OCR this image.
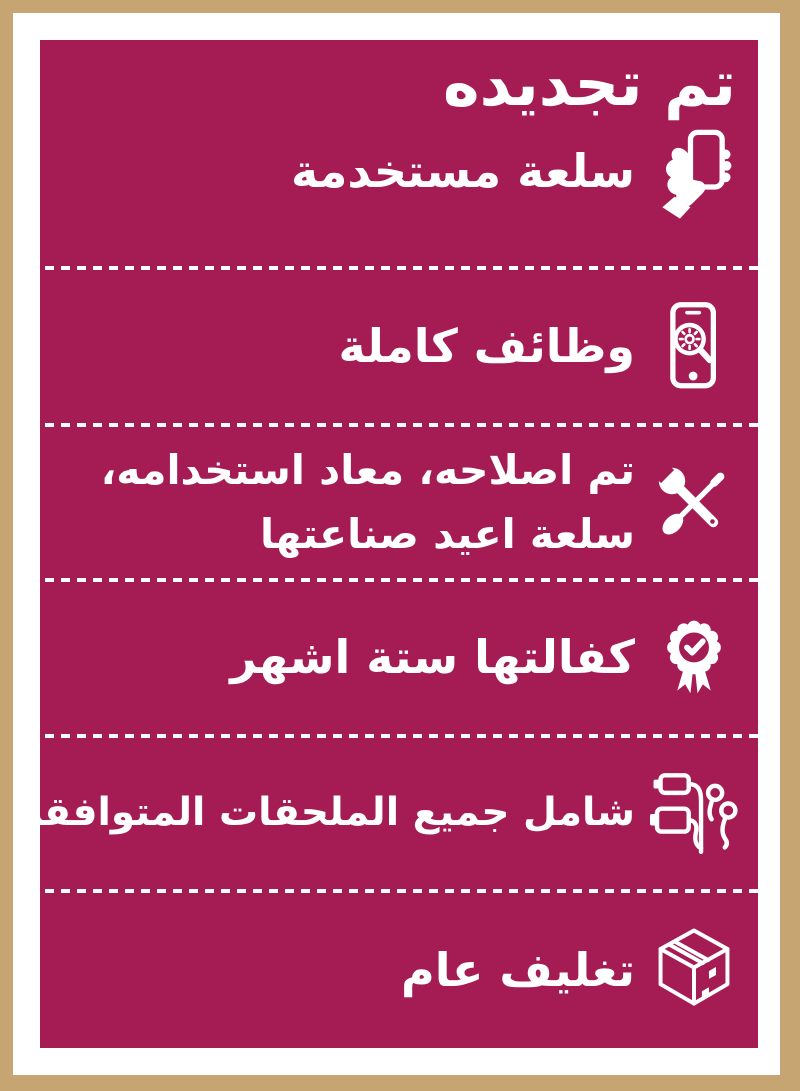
تم تجديده
سلعة مستخدمة
وظائف كاملة
تم اصلاحه، معاد استخدامه، سلعة اعيد صناعتها
كفالتها ستة اشهر
شامل جميع الملحقات المتوافقة
تغليف عام
